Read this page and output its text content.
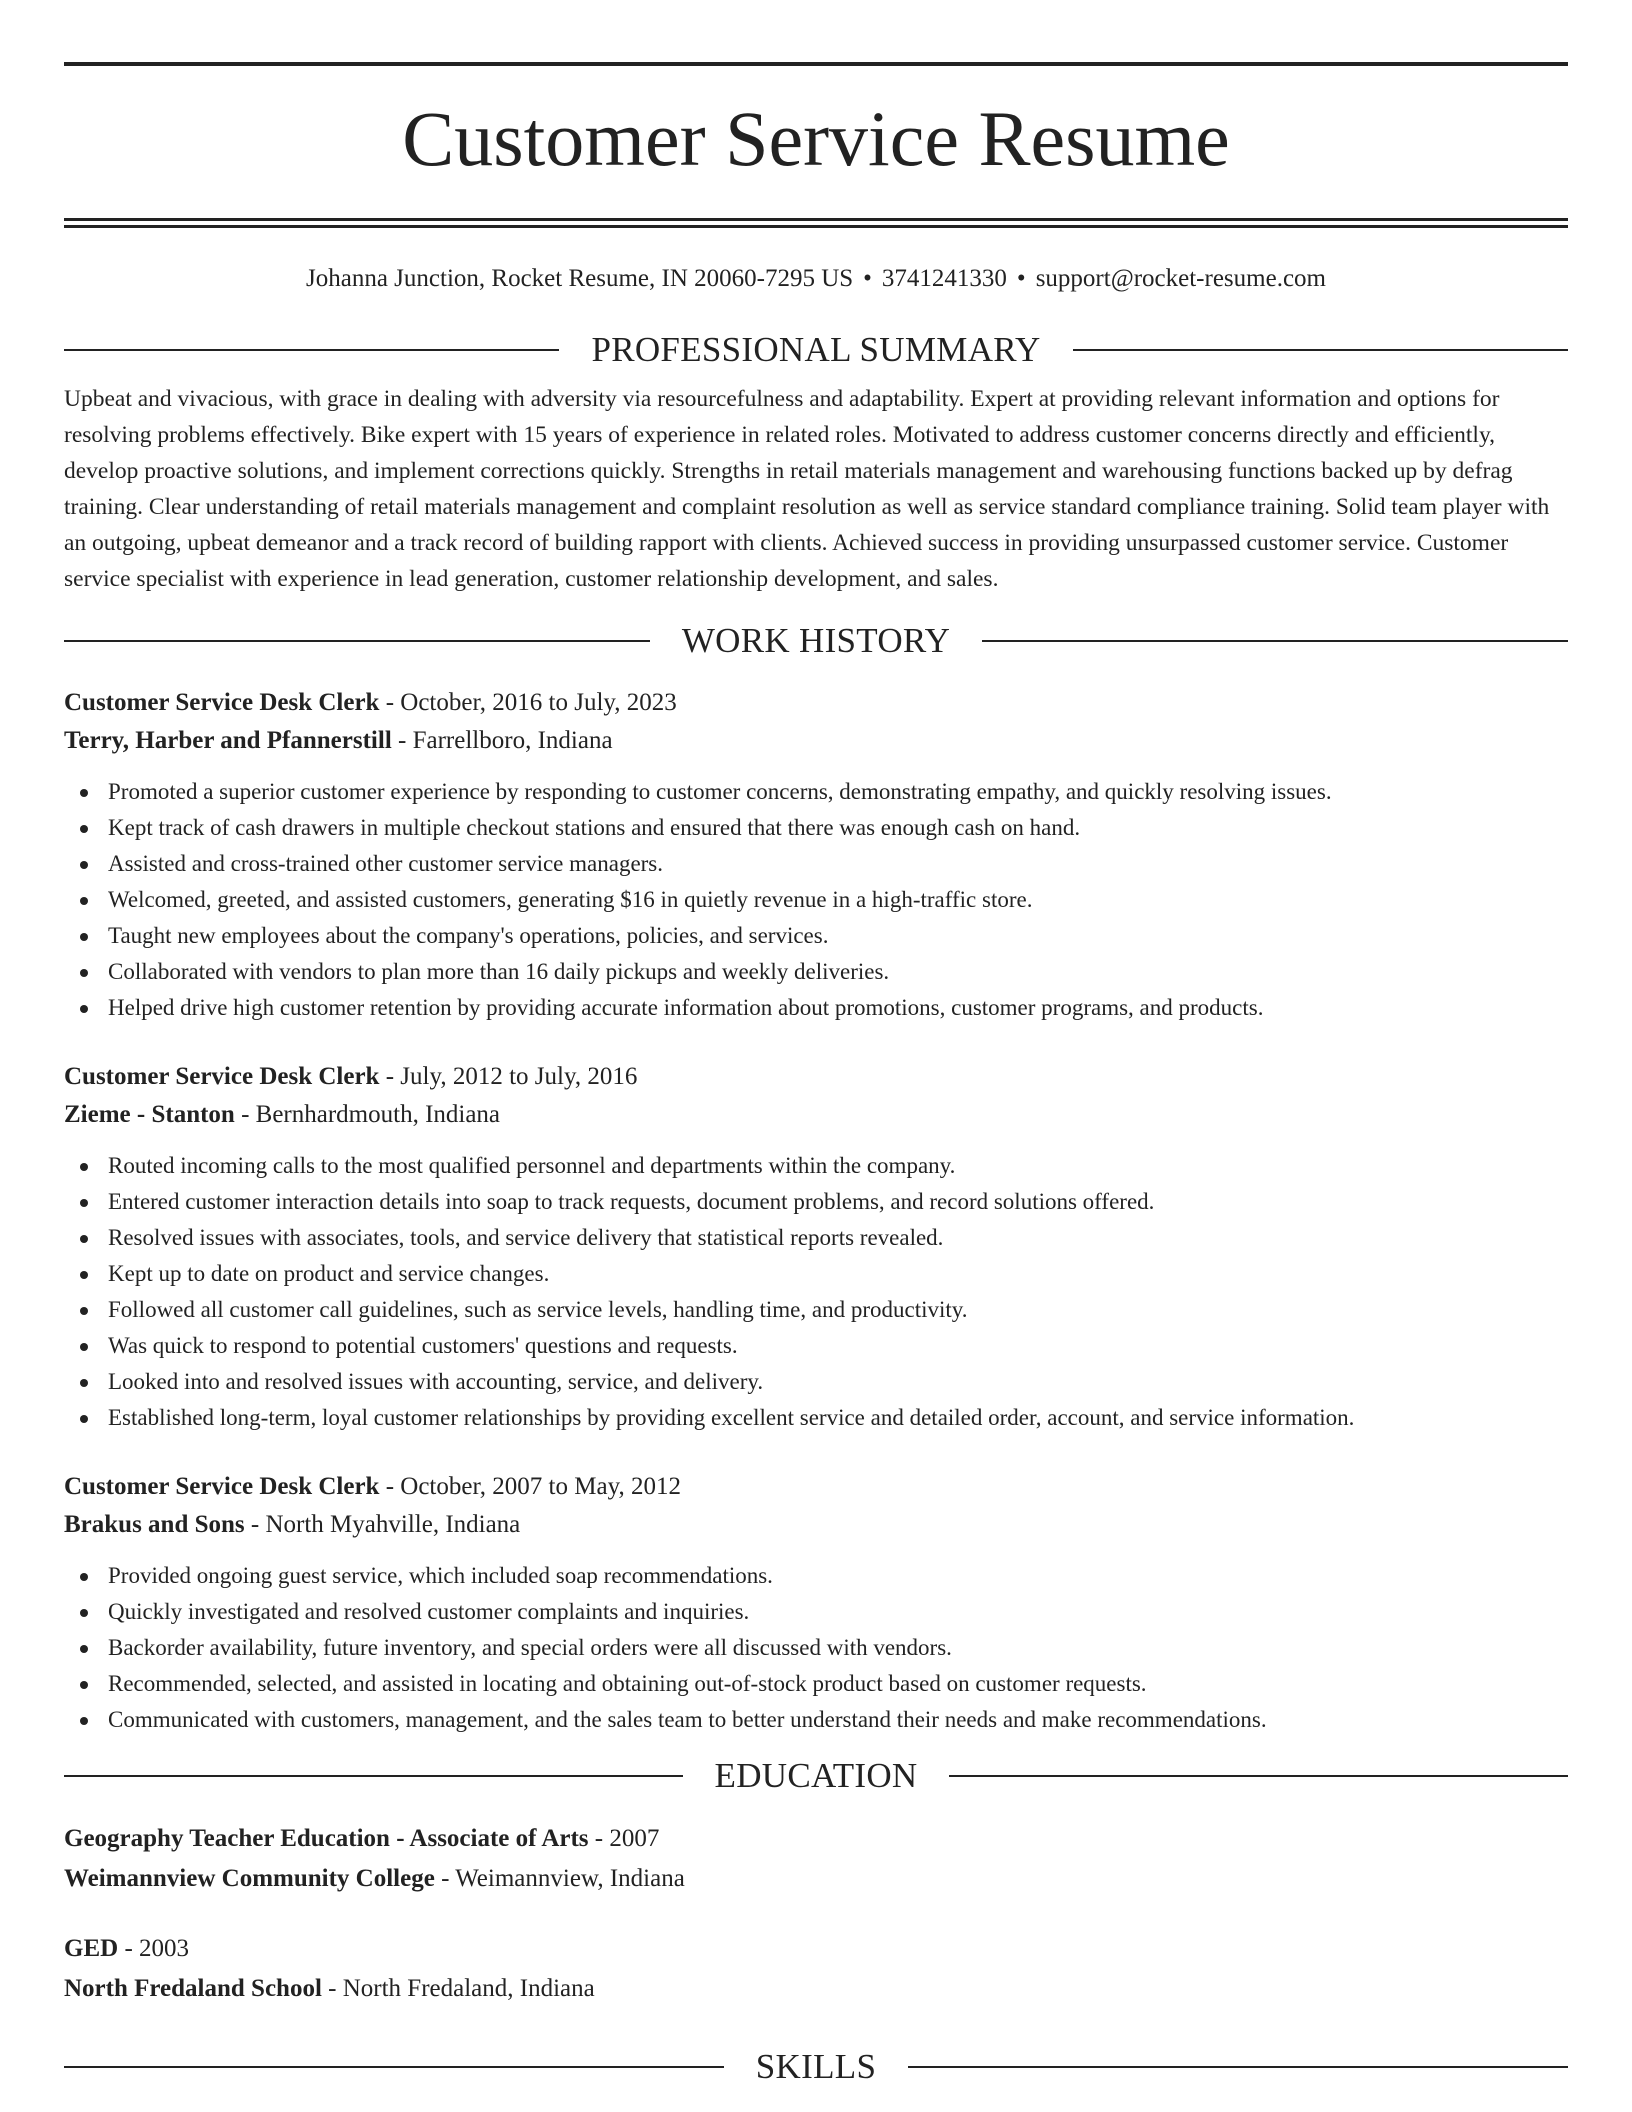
Customer Service Resume
Johanna Junction, Rocket Resume, IN 20060-7295 US • 3741241330 • support@rocket-resume.com
PROFESSIONAL SUMMARY

Upbeat and vivacious, with grace in dealing with adversity via resourcefulness and adaptability. Expert at providing relevant information and options for resolving problems effectively. Bike expert with 15 years of experience in related roles. Motivated to address customer concerns directly and efficiently, develop proactive solutions, and implement corrections quickly. Strengths in retail materials management and warehousing functions backed up by defrag training. Clear understanding of retail materials management and complaint resolution as well as service standard compliance training. Solid team player with an outgoing, upbeat demeanor and a track record of building rapport with clients. Achieved success in providing unsurpassed customer service. Customer service specialist with experience in lead generation, customer relationship development, and sales.

WORK HISTORY
Customer Service Desk Clerk - October, 2016 to July, 2023
Terry, Harber and Pfannerstill - Farrellboro, Indiana
Promoted a superior customer experience by responding to customer concerns, demonstrating empathy, and quickly resolving issues.
Kept track of cash drawers in multiple checkout stations and ensured that there was enough cash on hand.
Assisted and cross-trained other customer service managers.
Welcomed, greeted, and assisted customers, generating $16 in quietly revenue in a high-traffic store.
Taught new employees about the company's operations, policies, and services.
Collaborated with vendors to plan more than 16 daily pickups and weekly deliveries.
Helped drive high customer retention by providing accurate information about promotions, customer programs, and products.
Customer Service Desk Clerk - July, 2012 to July, 2016
Zieme - Stanton - Bernhardmouth, Indiana
Routed incoming calls to the most qualified personnel and departments within the company.
Entered customer interaction details into soap to track requests, document problems, and record solutions offered.
Resolved issues with associates, tools, and service delivery that statistical reports revealed.
Kept up to date on product and service changes.
Followed all customer call guidelines, such as service levels, handling time, and productivity.
Was quick to respond to potential customers' questions and requests.
Looked into and resolved issues with accounting, service, and delivery.
Established long-term, loyal customer relationships by providing excellent service and detailed order, account, and service information.
Customer Service Desk Clerk - October, 2007 to May, 2012
Brakus and Sons - North Myahville, Indiana
Provided ongoing guest service, which included soap recommendations.
Quickly investigated and resolved customer complaints and inquiries.
Backorder availability, future inventory, and special orders were all discussed with vendors.
Recommended, selected, and assisted in locating and obtaining out-of-stock product based on customer requests.
Communicated with customers, management, and the sales team to better understand their needs and make recommendations.
EDUCATION
Geography Teacher Education - Associate of Arts - 2007
Weimannview Community College - Weimannview, Indiana
GED - 2003
North Fredaland School - North Fredaland, Indiana
SKILLS
